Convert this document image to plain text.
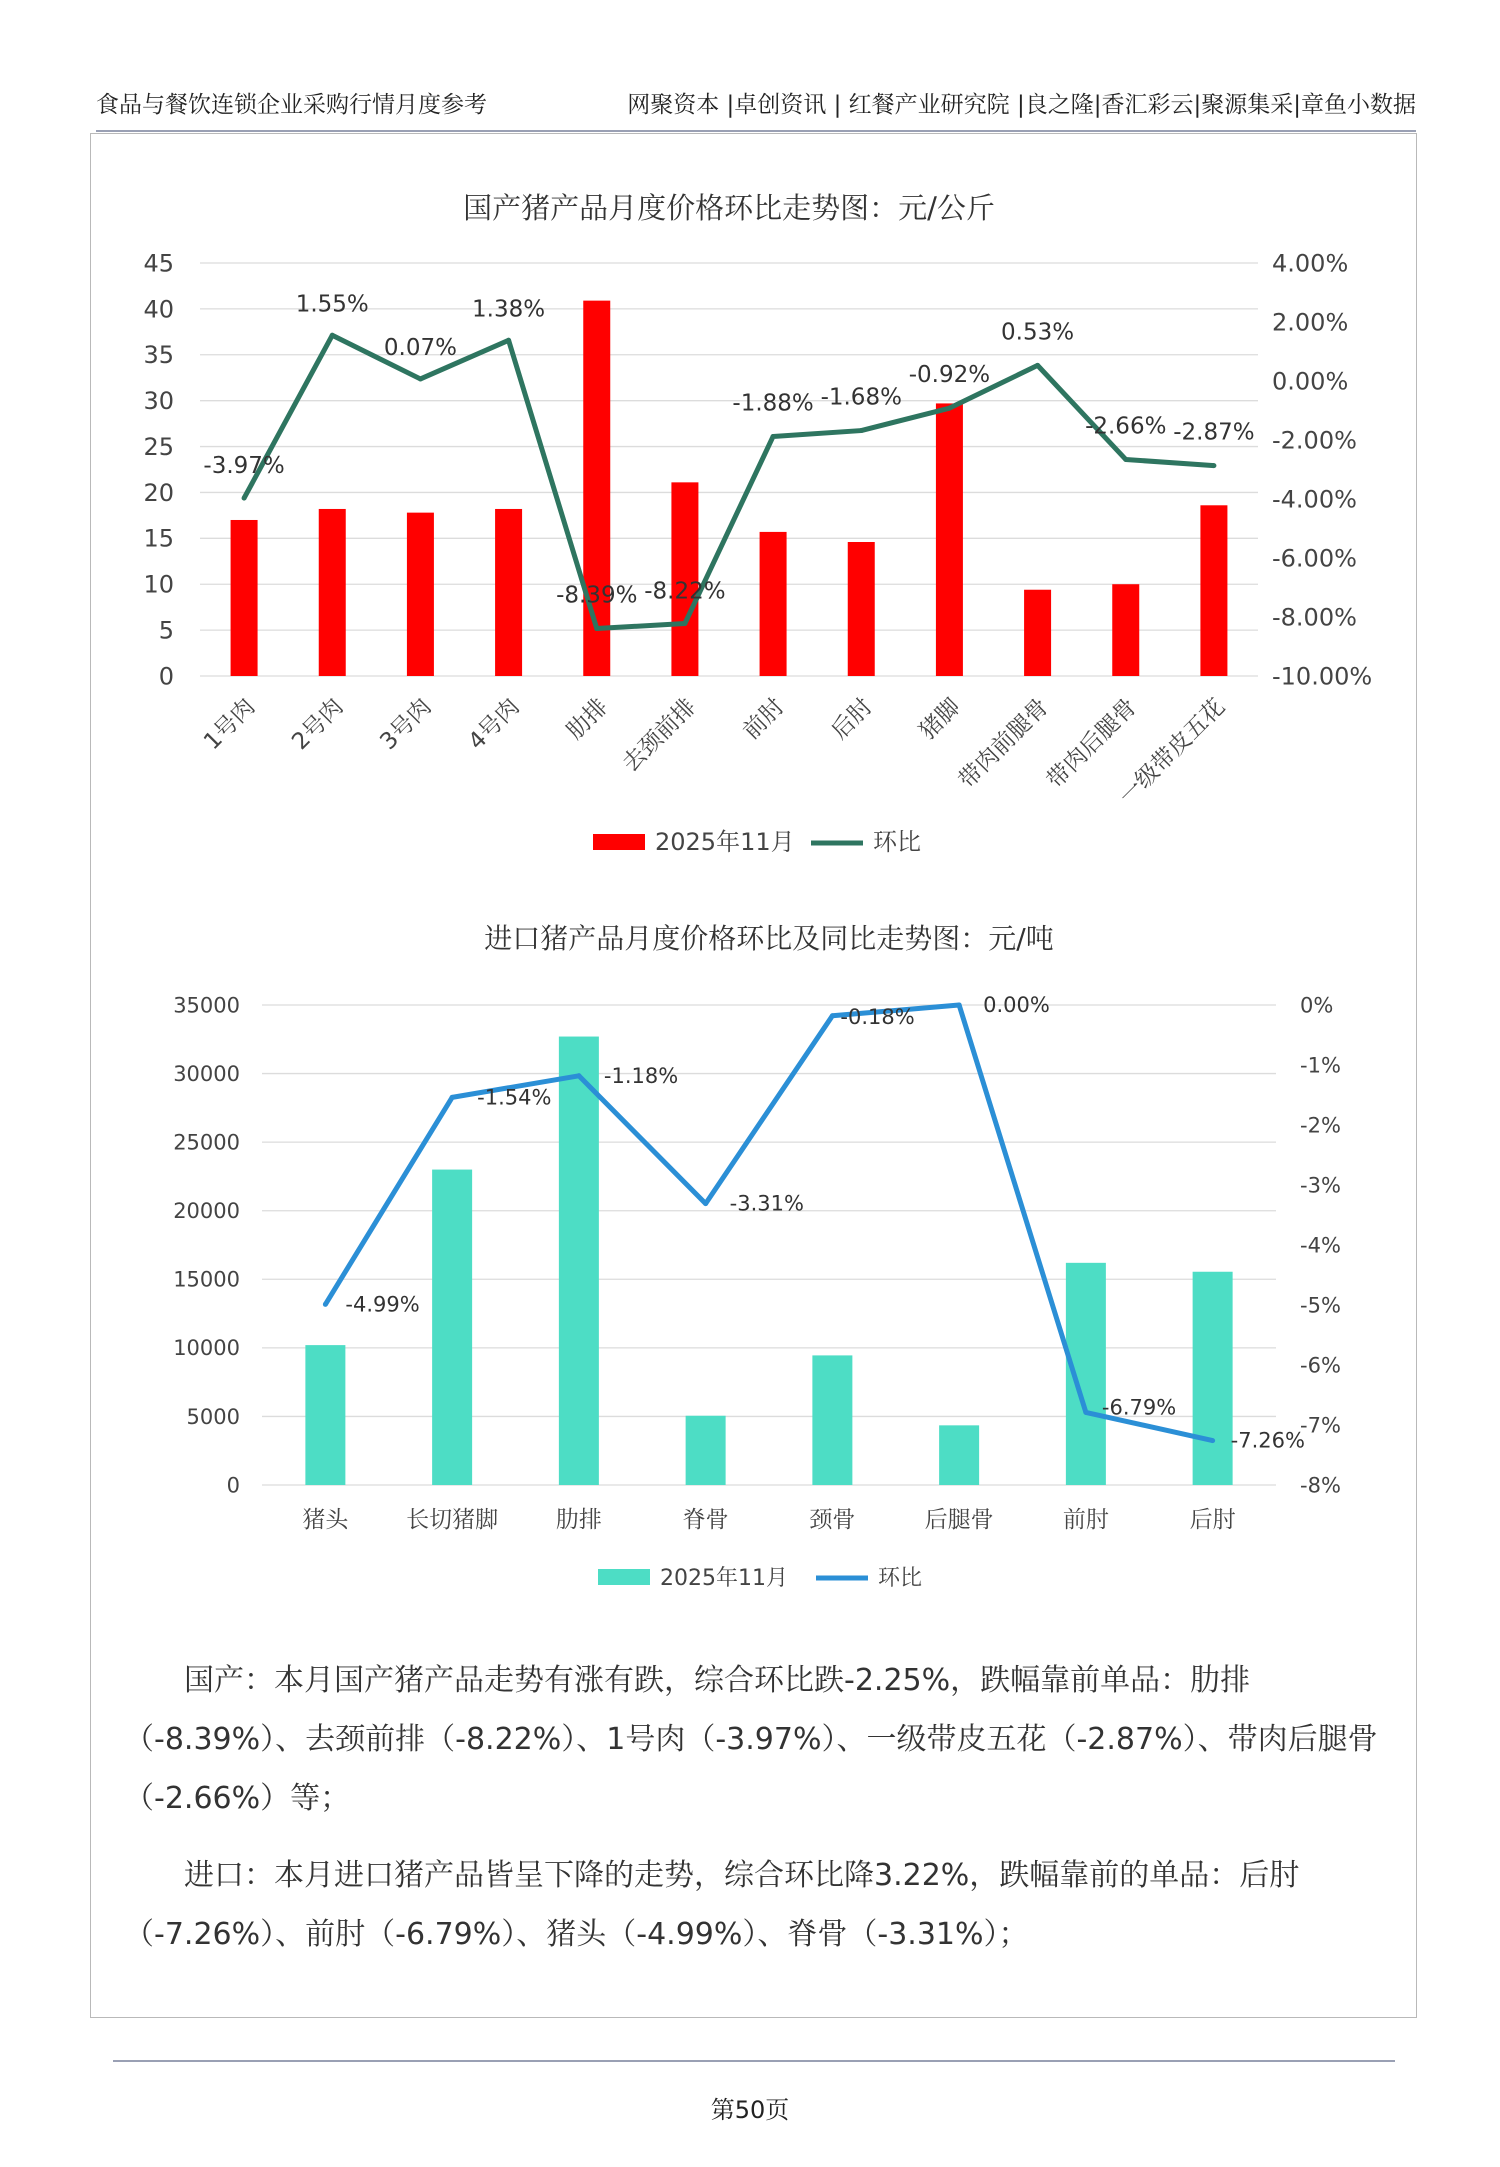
食品与餐饮连锁企业采购行情月度参考	网聚资本 |卓创资讯 | 红餐产业研究院 |良之隆|香汇彩云|聚源集采|章鱼小数据
国产猪产品月度价格环比走势图：元/公斤
0
5
10
15
20
25
30
35
40
45
-10.00%
-8.00%
-6.00%
-4.00%
-2.00%
0.00%
2.00%
4.00%
1号肉 2号肉 3号肉 4号肉 肋排 去颈前排 前肘 后肘 猪脚
带肉前腿骨
带肉后腿骨
一级带皮五花
-3.97%
1.55%
0.07%
1.38%
-8.39% -8.22%
-1.88% -1.68%
-0.92%
0.53%
-2.66% -2.87%
2025年11月	环比
进口猪产品月度价格环比及同比走势图：元/吨
0
5000
10000
15000
20000
25000
30000
35000
-8%
-7%
-6%
-5%
-4%
-3%
-2%
-1%
0%
猪头	长切猪脚	肋排	脊骨	颈骨	后腿骨	前肘	后肘
-4.99%
-1.54%
-1.18%
-3.31%
-0.18%	0.00%
-6.79%
-7.26%
2025年11月	环比
国产：本月国产猪产品走势有涨有跌，综合环比跌-2.25%，跌幅靠前单品：肋排（-8.39%）、去颈前排（-8.22%）、1号肉（-3.97%）、一级带皮五花（-2.87%）、带肉后腿骨（-2.66%）等；
进口：本月进口猪产品皆呈下降的走势，综合环比降3.22%，跌幅靠前的单品：后肘（-7.26%）、前肘（-6.79%）、猪头（-4.99%）、脊骨（-3.31%）；
第50页
